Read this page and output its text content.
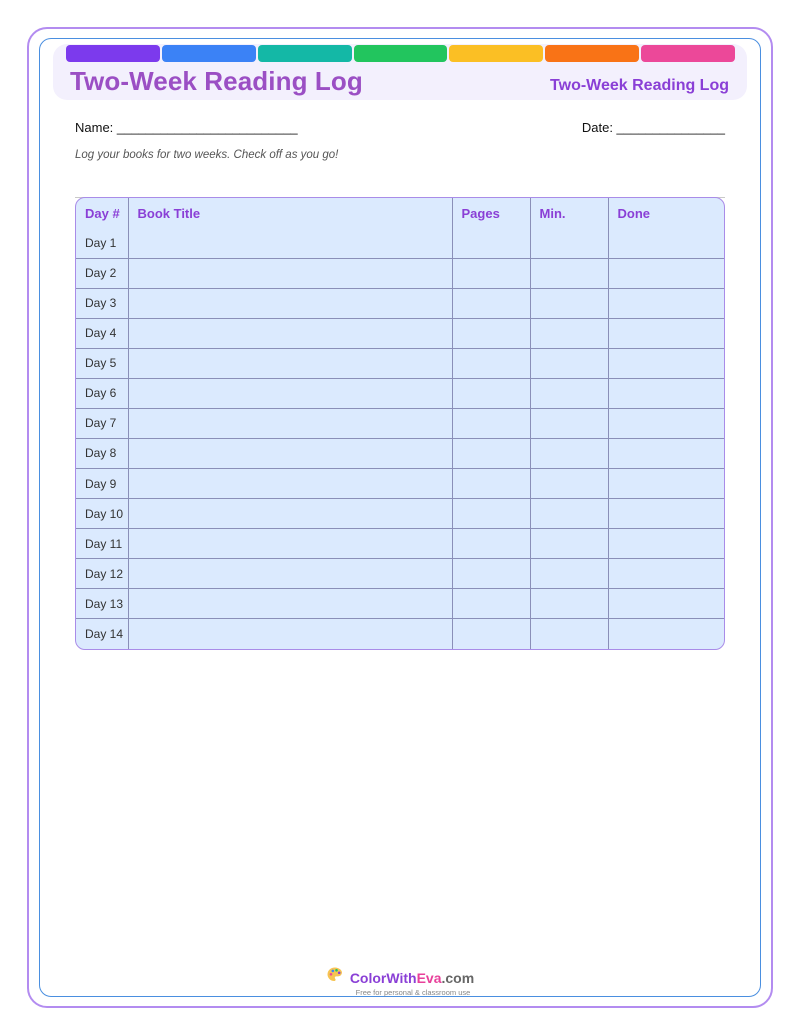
Two-Week Reading Log	Two-Week Reading Log
Name: _________________________	Date: _______________
Log your books for two weeks. Check off as you go!
Day #	Book Title	Pages	Min.	Done
Day 1				
Day 2				
Day 3				
Day 4				
Day 5				
Day 6				
Day 7				
Day 8				
Day 9				
Day 10				
Day 11				
Day 12				
Day 13				
Day 14				
ColorWithEva.com
Free for personal & classroom use
